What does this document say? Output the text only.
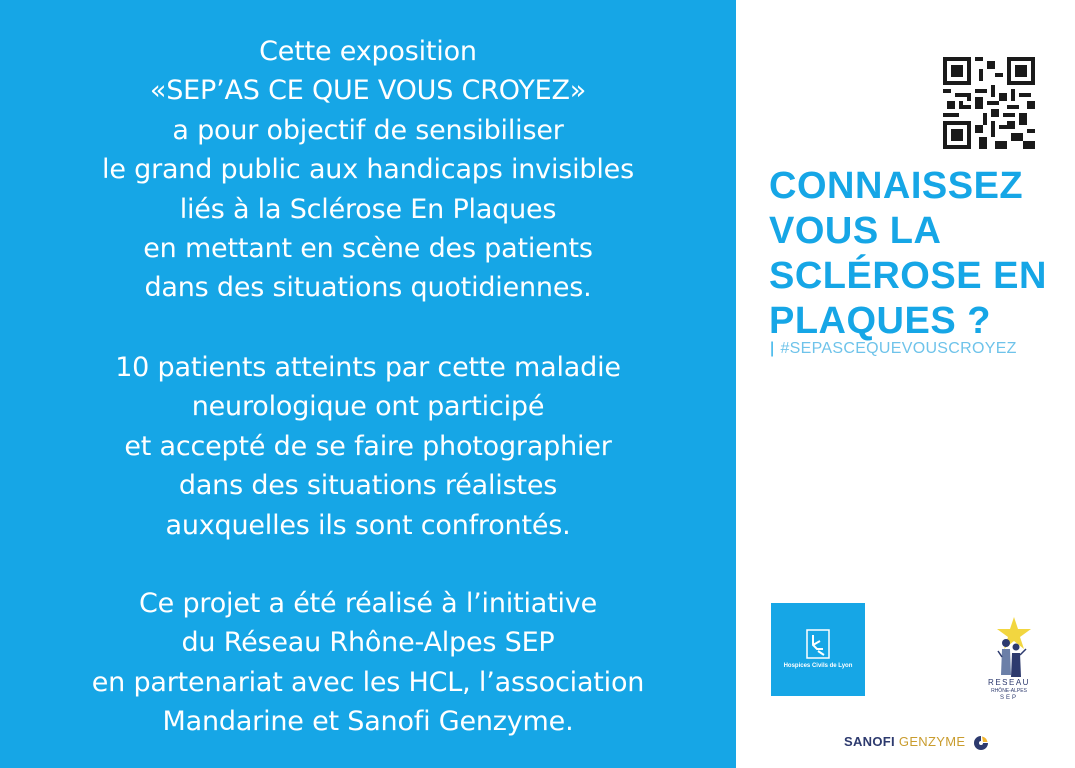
Cette exposition
«SEP’AS CE QUE VOUS CROYEZ»
a pour objectif de sensibiliser
le grand public aux handicaps invisibles
liés à la Sclérose En Plaques
en mettant en scène des patients
dans des situations quotidiennes.

10 patients atteints par cette maladie
neurologique ont participé
et accepté de se faire photographier
dans des situations réalistes
auxquelles ils sont confrontés.

Ce projet a été réalisé à l’initiative
du Réseau Rhône-Alpes SEP
en partenariat avec les HCL, l’association
Mandarine et Sanofi Genzyme.

CONNAISSEZ
VOUS LA
SCLÉROSE EN
PLAQUES ?
| #SEPASCEQUEVOUSCROYEZ
Hospices Civils de Lyon
RESEAU
RHÔNE-ALPES
SEP
SANOFI GENZYME
